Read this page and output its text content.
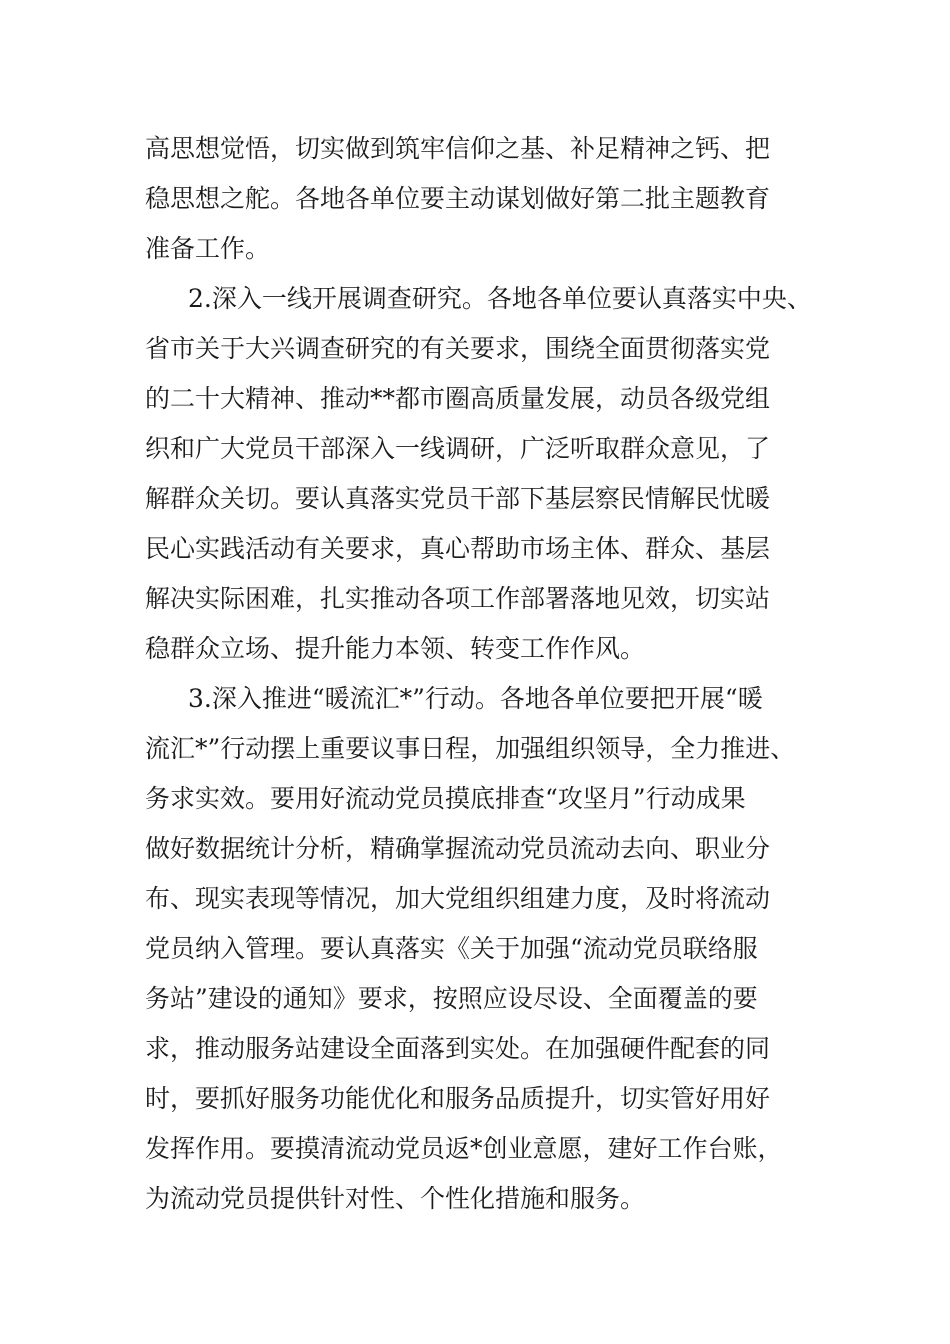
高思想觉悟，切实做到筑牢信仰之基、补足精神之钙、把
稳思想之舵。各地各单位要主动谋划做好第二批主题教育
准备工作。
2.深入一线开展调查研究。各地各单位要认真落实中央、
省市关于大兴调查研究的有关要求，围绕全面贯彻落实党
的二十大精神、推动**都市圈高质量发展，动员各级党组
织和广大党员干部深入一线调研，广泛听取群众意见，了
解群众关切。要认真落实党员干部下基层察民情解民忧暖
民心实践活动有关要求，真心帮助市场主体、群众、基层
解决实际困难，扎实推动各项工作部署落地见效，切实站
稳群众立场、提升能力本领、转变工作作风。
3.深入推进“暖流汇*”行动。各地各单位要把开展“暖
流汇*”行动摆上重要议事日程，加强组织领导，全力推进、
务求实效。要用好流动党员摸底排查“攻坚月”行动成果
做好数据统计分析，精确掌握流动党员流动去向、职业分
布、现实表现等情况，加大党组织组建力度，及时将流动
党员纳入管理。要认真落实《关于加强“流动党员联络服
务站”建设的通知》要求，按照应设尽设、全面覆盖的要
求，推动服务站建设全面落到实处。在加强硬件配套的同
时，要抓好服务功能优化和服务品质提升，切实管好用好
发挥作用。要摸清流动党员返*创业意愿，建好工作台账，
为流动党员提供针对性、个性化措施和服务。
